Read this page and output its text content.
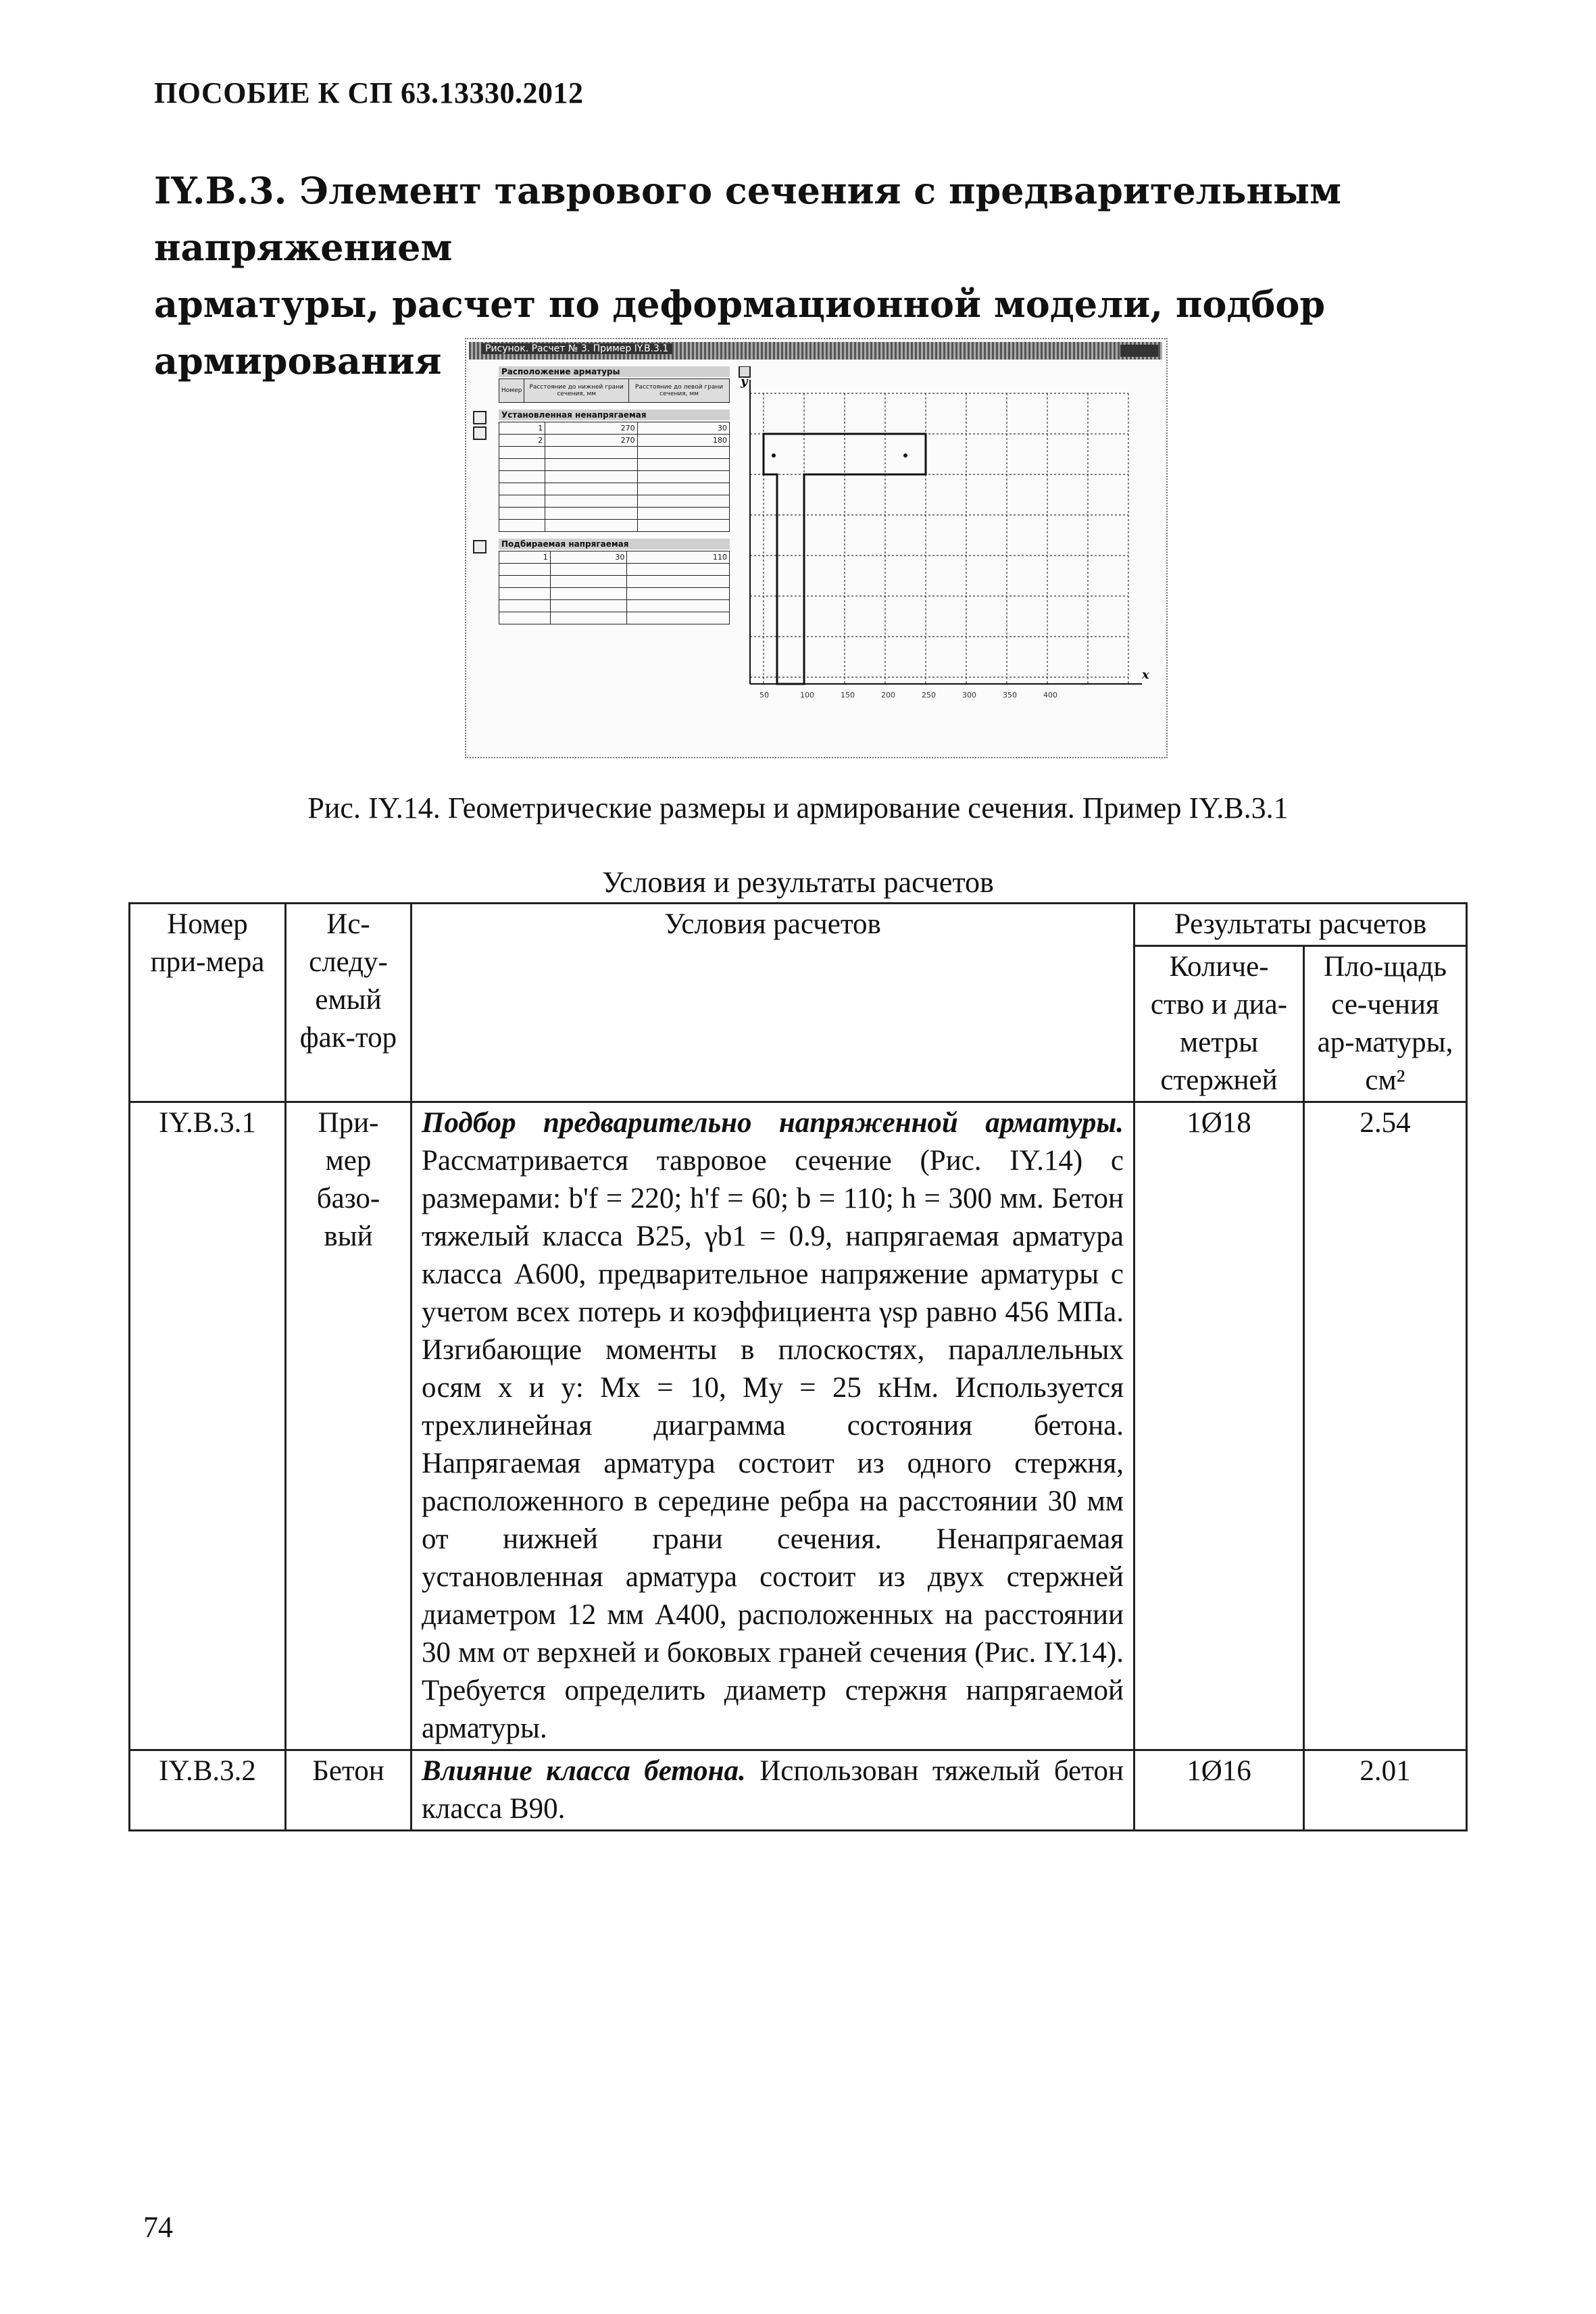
ПОСОБИЕ К СП 63.13330.2012
IY.B.3. Элемент таврового сечения с предварительным напряжением
арматуры, расчет по деформационной модели, подбор армирования	Рисунок. Расчет № 3. Пример IY.B.3.1
Расположение арматуры
Номер	Расстояние до нижней грани сечения, мм	Расстояние до левой грани сечения, мм
Установленная ненапрягаемая
1	270	30
2	270	180

Подбираемая напрягаемая
1	30	110

y
x
50	100	150	200	250	300	350	400
Рис. IY.14. Геометрические размеры и армирование сечения. Пример IY.B.3.1
Условия и результаты расчетов
Номер при-мера	Ис-следу-емый фак-тор	Условия расчетов	Результаты расчетов	
			Количе-ство и диа-метры стержней	Пло-щадь се-чения ар-матуры, см²
IY.B.3.1	При-мер базо-вый	Подбор предварительно напряженной арматуры. Рассматривается тавровое сечение (Рис. IY.14) с размерами: b'f = 220; h'f = 60; b = 110; h = 300 мм. Бетон тяжелый класса B25, γb1 = 0.9, напрягаемая арматура класса А600, предварительное напряжение арматуры с учетом всех потерь и коэффициента γsp равно 456 МПа. Изгибающие моменты в плоскостях, параллельных осям x и y: Mx = 10, My = 25 кНм. Используется трехлинейная диаграмма состояния бетона. Напрягаемая арматура состоит из одного стержня, расположенного в середине ребра на расстоянии 30 мм от нижней грани сечения. Ненапрягаемая установленная арматура состоит из двух стержней диаметром 12 мм А400, расположенных на расстоянии 30 мм от верхней и боковых граней сечения (Рис. IY.14). Требуется определить диаметр стержня напрягаемой арматуры.	1Ø18	2.54
IY.B.3.2	Бетон	Влияние класса бетона. Использован тяжелый бетон класса B90.	1Ø16	2.01
74
